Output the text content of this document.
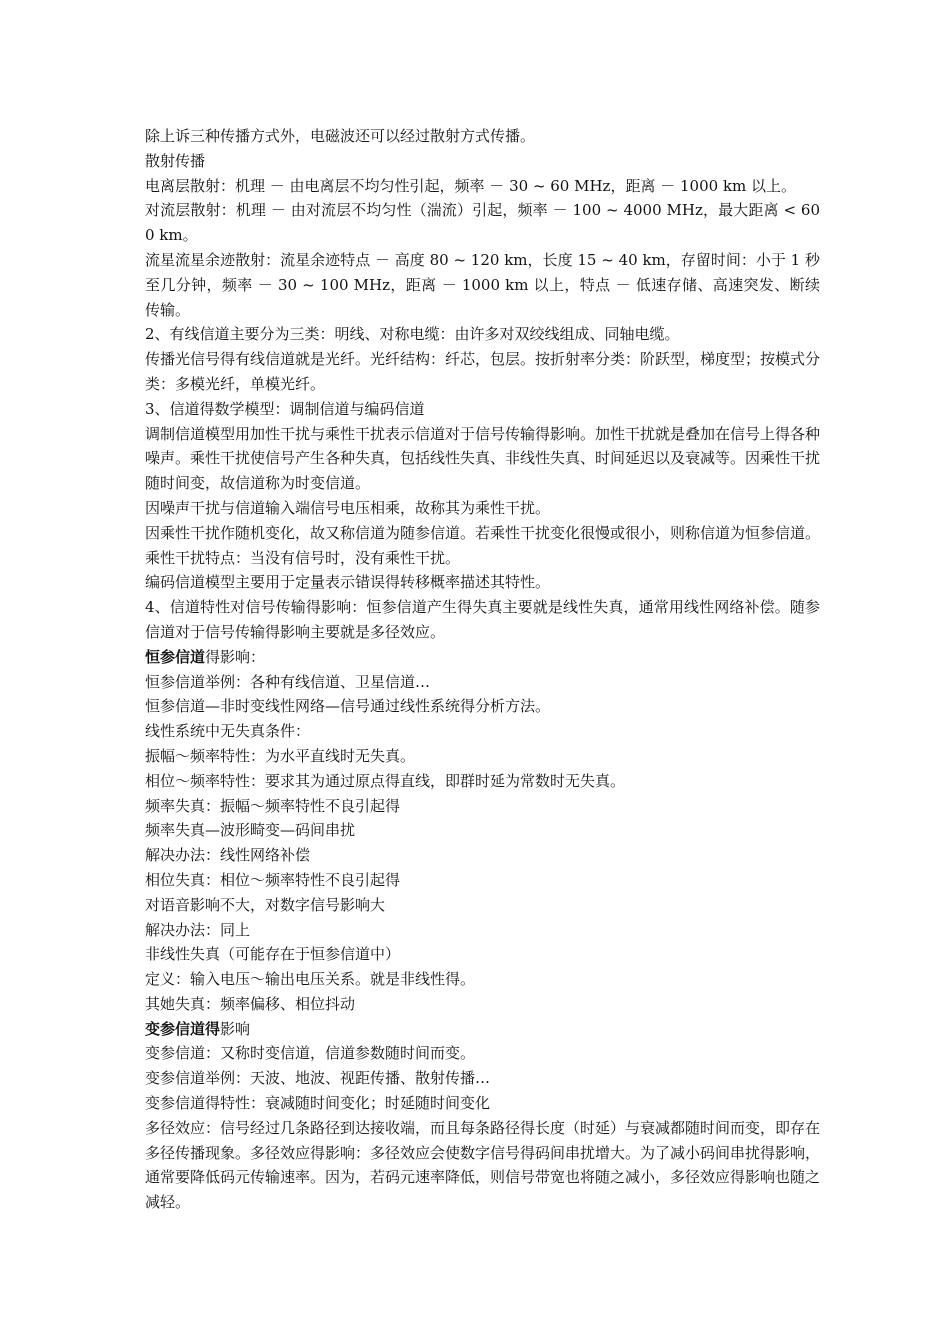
除上诉三种传播方式外，电磁波还可以经过散射方式传播。

散射传播

电离层散射：机理 － 由电离层不均匀性引起，频率 － 30 ~ 60 MHz，距离 － 1000 km 以上。

对流层散射：机理 － 由对流层不均匀性（湍流）引起，频率 － 100 ~ 4000 MHz，最大距离 < 600 km。

流星流星余迹散射：流星余迹特点 － 高度 80 ~ 120 km，长度 15 ~ 40 km，存留时间：小于 1 秒至几分钟，频率 － 30 ~ 100 MHz，距离 － 1000 km 以上，特点 － 低速存储、高速突发、断续传输。

2、有线信道主要分为三类：明线、对称电缆：由许多对双绞线组成、同轴电缆。

传播光信号得有线信道就是光纤。光纤结构：纤芯，包层。按折射率分类：阶跃型，梯度型；按模式分类：多模光纤，单模光纤。

3、信道得数学模型：调制信道与编码信道

调制信道模型用加性干扰与乘性干扰表示信道对于信号传输得影响。加性干扰就是叠加在信号上得各种噪声。乘性干扰使信号产生各种失真，包括线性失真、非线性失真、时间延迟以及衰减等。因乘性干扰随时间变，故信道称为时变信道。

因噪声干扰与信道输入端信号电压相乘，故称其为乘性干扰。

因乘性干扰作随机变化，故又称信道为随参信道。若乘性干扰变化很慢或很小，则称信道为恒参信道。乘性干扰特点：当没有信号时，没有乘性干扰。

编码信道模型主要用于定量表示错误得转移概率描述其特性。

4、信道特性对信号传输得影响：恒参信道产生得失真主要就是线性失真，通常用线性网络补偿。随参信道对于信号传输得影响主要就是多径效应。

恒参信道得影响：

恒参信道举例：各种有线信道、卫星信道…

恒参信道—非时变线性网络—信号通过线性系统得分析方法。

线性系统中无失真条件：

振幅～频率特性：为水平直线时无失真。

相位～频率特性：要求其为通过原点得直线，即群时延为常数时无失真。

频率失真：振幅～频率特性不良引起得

频率失真—波形畸变—码间串扰

解决办法：线性网络补偿

相位失真：相位～频率特性不良引起得

对语音影响不大，对数字信号影响大

解决办法：同上

非线性失真（可能存在于恒参信道中）

定义：输入电压～输出电压关系。就是非线性得。

其她失真：频率偏移、相位抖动

变参信道得影响

变参信道：又称时变信道，信道参数随时间而变。

变参信道举例：天波、地波、视距传播、散射传播…

变参信道得特性：衰减随时间变化；时延随时间变化

多径效应：信号经过几条路径到达接收端，而且每条路径得长度（时延）与衰减都随时间而变，即存在多径传播现象。多径效应得影响：多径效应会使数字信号得码间串扰增大。为了减小码间串扰得影响，通常要降低码元传输速率。因为，若码元速率降低，则信号带宽也将随之减小，多径效应得影响也随之减轻。
